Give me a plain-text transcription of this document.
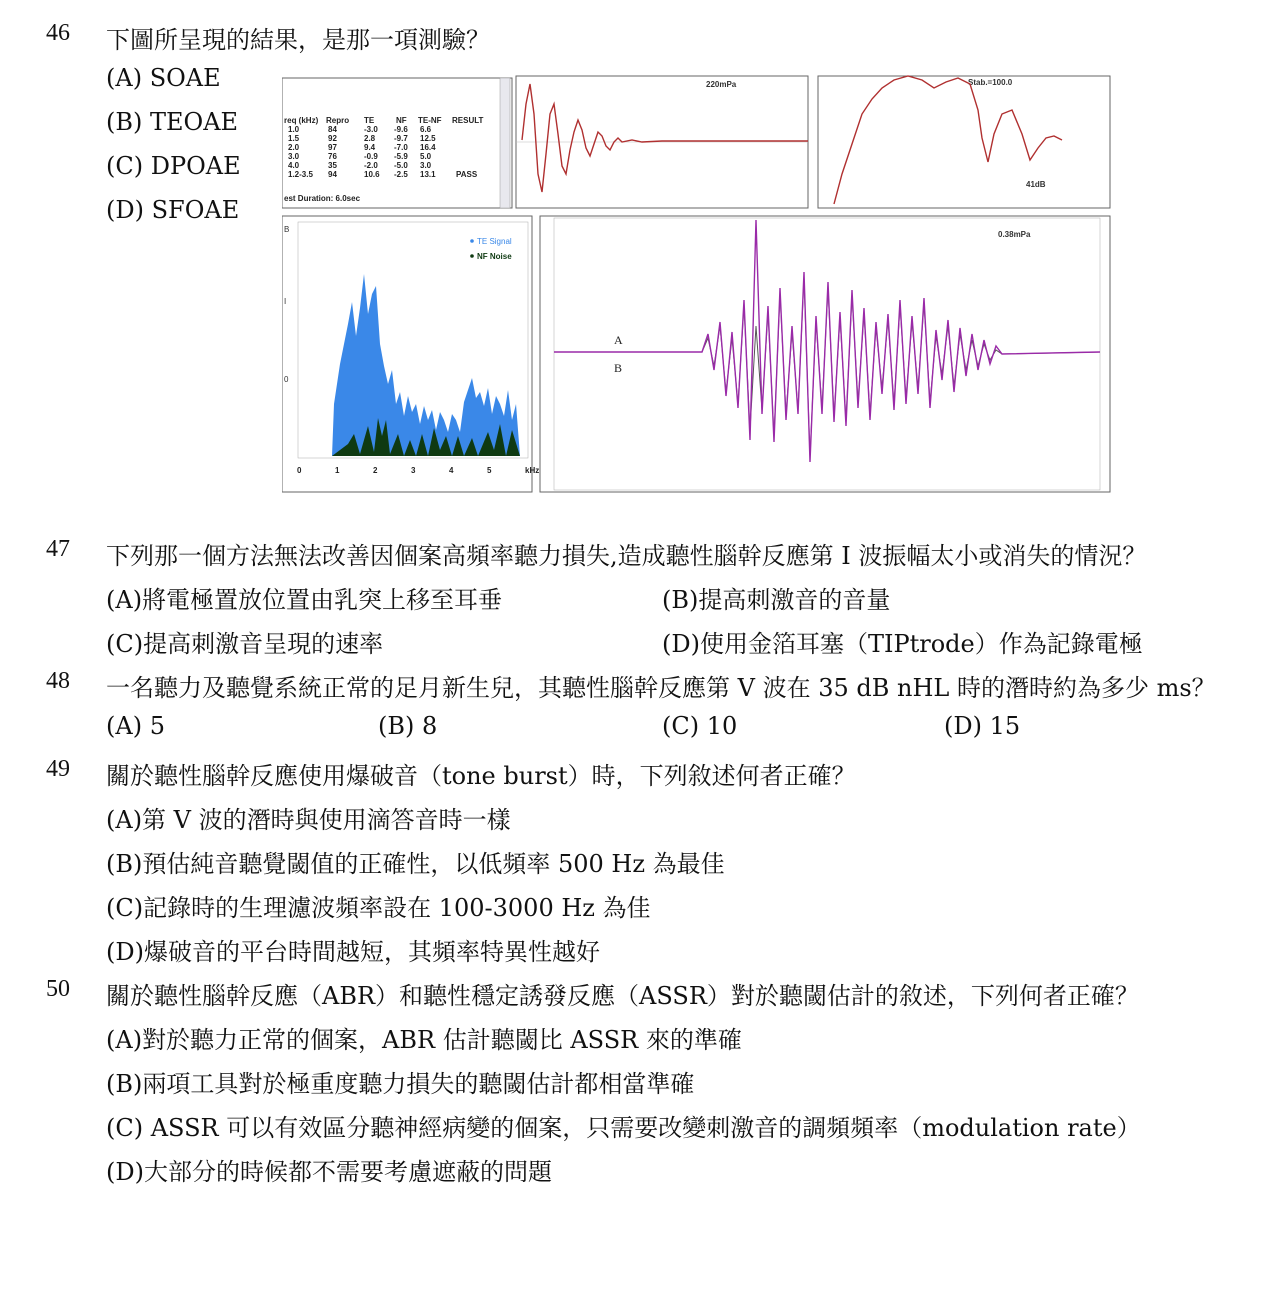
46 下圖所呈現的結果，是那一項測驗？
(A) SOAE
(B) TEOAE
(C) DPOAE
(D) SFOAE
req (kHz) Repro TE	NF TE-NF RESULT
1.0	84	-3.0 -9.6 6.6
1.5	92	2.8 -9.7 12.5
2.0	97	9.4 -7.0 16.4
3.0	76	-0.9 -5.9 5.0
4.0	35	-2.0 -5.0 3.0
1.2-3.5 94	10.6 -2.5 13.1	PASS
est Duration: 6.0sec
220mPa	Stab.=100.0
41dB
B
I
0
TE Signal
NF Noise
0	1	2	3	4	5	kHz
0.38mPa
A
B
47 下列那一個方法無法改善因個案高頻率聽力損失,造成聽性腦幹反應第 I 波振幅太小或消失的情況？
(A)將電極置放位置由乳突上移至耳垂	(B)提高刺激音的音量
(C)提高刺激音呈現的速率	(D)使用金箔耳塞（TIPtrode）作為記錄電極
48 一名聽力及聽覺系統正常的足月新生兒，其聽性腦幹反應第 V 波在 35 dB nHL 時的潛時約為多少 ms？
(A) 5	(B) 8	(C) 10	(D) 15
49 關於聽性腦幹反應使用爆破音（tone burst）時，下列敘述何者正確？
(A)第 V 波的潛時與使用滴答音時一樣
(B)預估純音聽覺閾值的正確性，以低頻率 500 Hz 為最佳
(C)記錄時的生理濾波頻率設在 100-3000 Hz 為佳
(D)爆破音的平台時間越短，其頻率特異性越好
50 關於聽性腦幹反應（ABR）和聽性穩定誘發反應（ASSR）對於聽閾估計的敘述，下列何者正確？
(A)對於聽力正常的個案，ABR 估計聽閾比 ASSR 來的準確
(B)兩項工具對於極重度聽力損失的聽閾估計都相當準確
(C) ASSR 可以有效區分聽神經病變的個案，只需要改變刺激音的調頻頻率（modulation rate）
(D)大部分的時候都不需要考慮遮蔽的問題
